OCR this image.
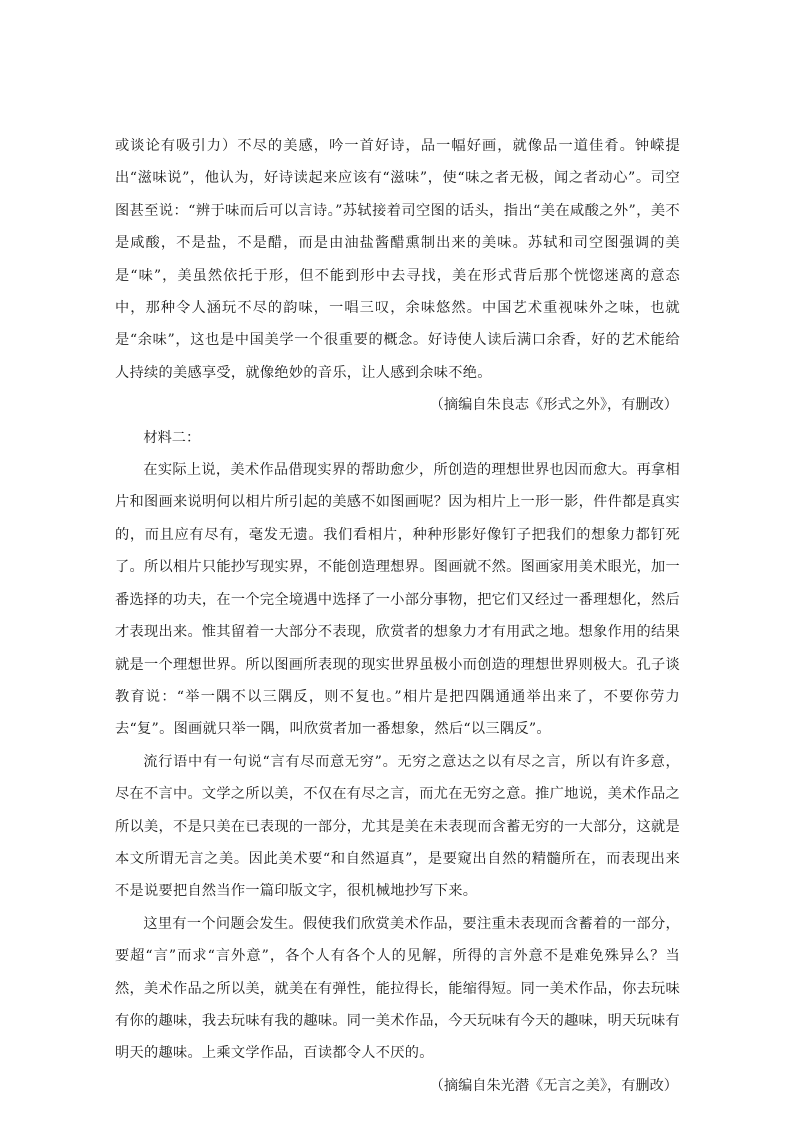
或谈论有吸引力）不尽的美感，吟一首好诗，品一幅好画，就像品一道佳肴。钟嵘提出“滋味说”，他认为，好诗读起来应该有“滋味”，使“味之者无极，闻之者动心”。司空图甚至说：“辨于味而后可以言诗。”苏轼接着司空图的话头，指出“美在咸酸之外”，美不是咸酸，不是盐，不是醋，而是由油盐酱醋熏制出来的美味。苏轼和司空图强调的美是“味”，美虽然依托于形，但不能到形中去寻找，美在形式背后那个恍惚迷离的意态中，那种令人涵玩不尽的韵味，一唱三叹，余味悠然。中国艺术重视味外之味，也就是“余味”，这也是中国美学一个很重要的概念。好诗使人读后满口余香，好的艺术能给人持续的美感享受，就像绝妙的音乐，让人感到余味不绝。

（摘编自朱良志《形式之外》，有删改）

材料二：

在实际上说，美术作品借现实界的帮助愈少，所创造的理想世界也因而愈大。再拿相片和图画来说明何以相片所引起的美感不如图画呢？因为相片上一形一影，件件都是真实的，而且应有尽有，毫发无遗。我们看相片，种种形影好像钉子把我们的想象力都钉死了。所以相片只能抄写现实界，不能创造理想界。图画就不然。图画家用美术眼光，加一番选择的功夫，在一个完全境遇中选择了一小部分事物，把它们又经过一番理想化，然后才表现出来。惟其留着一大部分不表现，欣赏者的想象力才有用武之地。想象作用的结果就是一个理想世界。所以图画所表现的现实世界虽极小而创造的理想世界则极大。孔子谈教育说：“举一隅不以三隅反，则不复也。”相片是把四隅通通举出来了，不要你劳力去“复”。图画就只举一隅，叫欣赏者加一番想象，然后“以三隅反”。

流行语中有一句说“言有尽而意无穷”。无穷之意达之以有尽之言，所以有许多意，尽在不言中。文学之所以美，不仅在有尽之言，而尤在无穷之意。推广地说，美术作品之所以美，不是只美在已表现的一部分，尤其是美在未表现而含蓄无穷的一大部分，这就是本文所谓无言之美。因此美术要“和自然逼真”，是要窥出自然的精髓所在，而表现出来不是说要把自然当作一篇印版文字，很机械地抄写下来。

这里有一个问题会发生。假使我们欣赏美术作品，要注重未表现而含蓄着的一部分，要超“言”而求“言外意”，各个人有各个人的见解，所得的言外意不是难免殊异么？当然，美术作品之所以美，就美在有弹性，能拉得长，能缩得短。同一美术作品，你去玩味有你的趣味，我去玩味有我的趣味。同一美术作品，今天玩味有今天的趣味，明天玩味有明天的趣味。上乘文学作品，百读都令人不厌的。

（摘编自朱光潜《无言之美》，有删改）
